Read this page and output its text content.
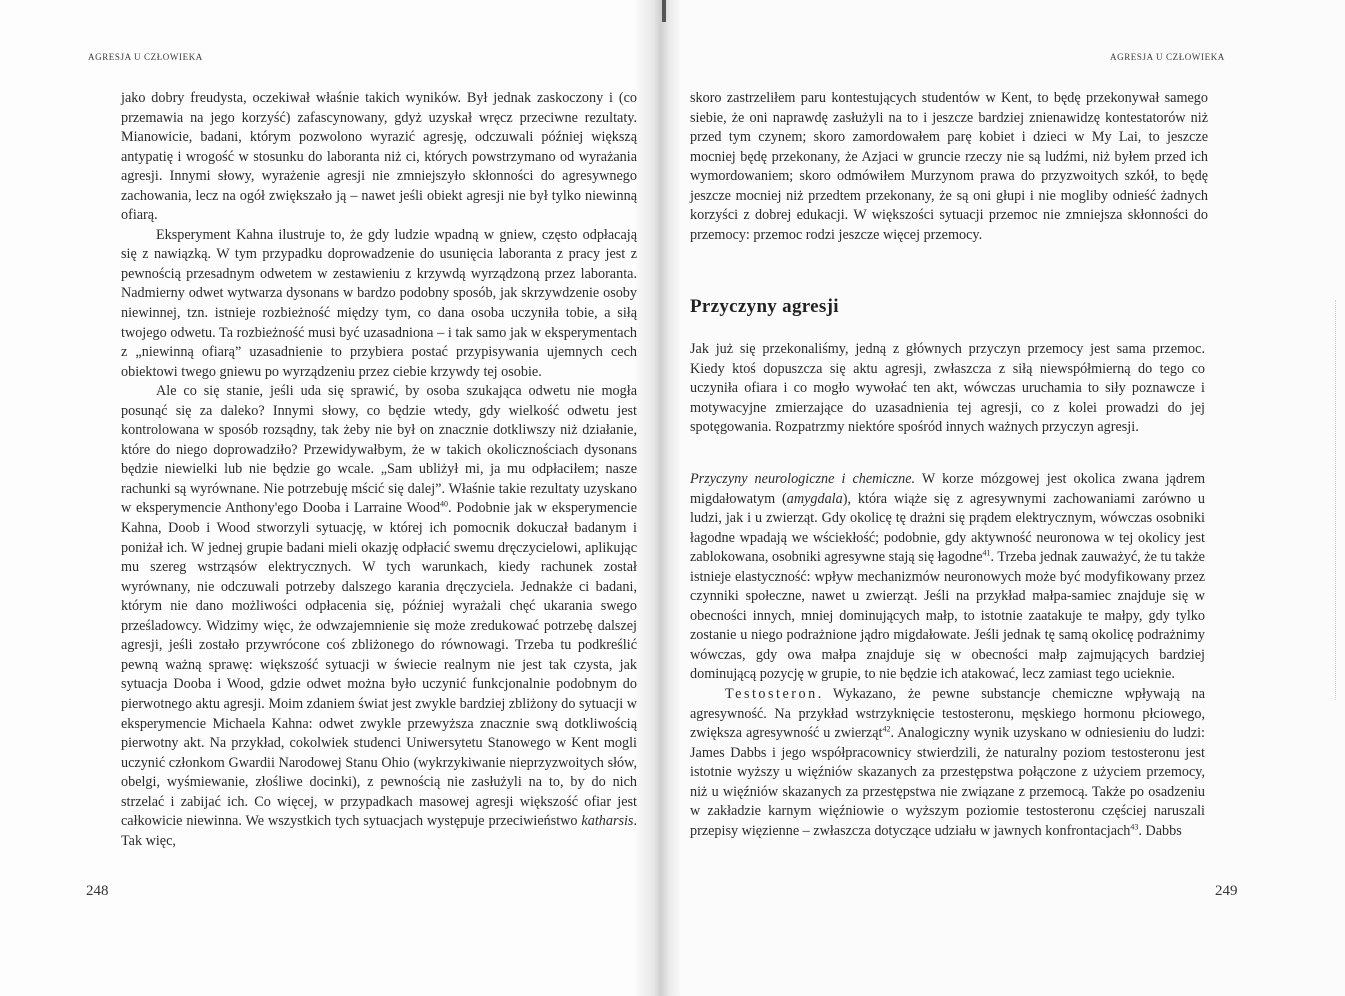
AGRESJA U CZŁOWIEKA	AGRESJA U CZŁOWIEKA

jako dobry freudysta, oczekiwał właśnie takich wyników. Był jednak zaskoczony i (co przemawia na jego korzyść) zafascynowany, gdyż uzyskał wręcz przeciwne rezultaty. Mianowicie, badani, którym pozwolono wyrazić agresję, odczuwali później większą antypatię i wrogość w stosunku do laboranta niż ci, których powstrzymano od wyrażania agresji. Innymi słowy, wyrażenie agresji nie zmniejszyło skłonności do agresywnego zachowania, lecz na ogół zwiększało ją – nawet jeśli obiekt agresji nie był tylko niewinną ofiarą.

Eksperyment Kahna ilustruje to, że gdy ludzie wpadną w gniew, często odpłacają się z nawiązką. W tym przypadku doprowadzenie do usunięcia laboranta z pracy jest z pewnością przesadnym odwetem w zestawieniu z krzywdą wyrządzoną przez laboranta. Nadmierny odwet wytwarza dysonans w bardzo podobny sposób, jak skrzywdzenie osoby niewinnej, tzn. istnieje rozbieżność między tym, co dana osoba uczyniła tobie, a siłą twojego odwetu. Ta rozbieżność musi być uzasadniona – i tak samo jak w eksperymentach z „niewinną ofiarą” uzasadnienie to przybiera postać przypisywania ujemnych cech obiektowi twego gniewu po wyrządzeniu przez ciebie krzywdy tej osobie.

Ale co się stanie, jeśli uda się sprawić, by osoba szukająca odwetu nie mogła posunąć się za daleko? Innymi słowy, co będzie wtedy, gdy wielkość odwetu jest kontrolowana w sposób rozsądny, tak żeby nie był on znacznie dotkliwszy niż działanie, które do niego doprowadziło? Przewidywałbym, że w takich okolicznościach dysonans będzie niewielki lub nie będzie go wcale. „Sam ubliżył mi, ja mu odpłaciłem; nasze rachunki są wyrównane. Nie potrzebuję mścić się dalej”. Właśnie takie rezultaty uzyskano w eksperymencie Anthony'ego Dooba i Larraine Wood$^{40}$. Podobnie jak w eksperymencie Kahna, Doob i Wood stworzyli sytuację, w której ich pomocnik dokuczał badanym i poniżał ich. W jednej grupie badani mieli okazję odpłacić swemu dręczycielowi, aplikując mu szereg wstrząsów elektrycznych. W tych warunkach, kiedy rachunek został wyrównany, nie odczuwali potrzeby dalszego karania dręczyciela. Jednakże ci badani, którym nie dano możliwości odpłacenia się, później wyrażali chęć ukarania swego prześladowcy. Widzimy więc, że odwzajemnienie się może zredukować potrzebę dalszej agresji, jeśli zostało przywrócone coś zbliżonego do równowagi. Trzeba tu podkreślić pewną ważną sprawę: większość sytuacji w świecie realnym nie jest tak czysta, jak sytuacja Dooba i Wood, gdzie odwet można było uczynić funkcjonalnie podobnym do pierwotnego aktu agresji. Moim zdaniem świat jest zwykle bardziej zbliżony do sytuacji w eksperymencie Michaela Kahna: odwet zwykle przewyższa znacznie swą dotkliwością pierwotny akt. Na przykład, cokolwiek studenci Uniwersytetu Stanowego w Kent mogli uczynić członkom Gwardii Narodowej Stanu Ohio (wykrzykiwanie nieprzyzwoitych słów, obelgi, wyśmiewanie, złośliwe docinki), z pewnością nie zasłużyli na to, by do nich strzelać i zabijać ich. Co więcej, w przypadkach masowej agresji większość ofiar jest całkowicie niewinna. We wszystkich tych sytuacjach występuje przeciwieństwo katharsis. Tak więc,

skoro zastrzeliłem paru kontestujących studentów w Kent, to będę przekonywał samego siebie, że oni naprawdę zasłużyli na to i jeszcze bardziej znienawidzę kontestatorów niż przed tym czynem; skoro zamordowałem parę kobiet i dzieci w My Lai, to jeszcze mocniej będę przekonany, że Azjaci w gruncie rzeczy nie są ludźmi, niż byłem przed ich wymordowaniem; skoro odmówiłem Murzynom prawa do przyzwoitych szkół, to będę jeszcze mocniej niż przedtem przekonany, że są oni głupi i nie mogliby odnieść żadnych korzyści z dobrej edukacji. W większości sytuacji przemoc nie zmniejsza skłonności do przemocy: przemoc rodzi jeszcze więcej przemocy.

Przyczyny agresji

Jak już się przekonaliśmy, jedną z głównych przyczyn przemocy jest sama przemoc. Kiedy ktoś dopuszcza się aktu agresji, zwłaszcza z siłą niewspółmierną do tego co uczyniła ofiara i co mogło wywołać ten akt, wówczas uruchamia to siły poznawcze i motywacyjne zmierzające do uzasadnienia tej agresji, co z kolei prowadzi do jej spotęgowania. Rozpatrzmy niektóre spośród innych ważnych przyczyn agresji.

Przyczyny neurologiczne i chemiczne. W korze mózgowej jest okolica zwana jądrem migdałowatym (amygdala), która wiąże się z agresywnymi zachowaniami zarówno u ludzi, jak i u zwierząt. Gdy okolicę tę drażni się prądem elektrycznym, wówczas osobniki łagodne wpadają we wściekłość; podobnie, gdy aktywność neuronowa w tej okolicy jest zablokowana, osobniki agresywne stają się łagodne$^{41}$. Trzeba jednak zauważyć, że tu także istnieje elastyczność: wpływ mechanizmów neuronowych może być modyfikowany przez czynniki społeczne, nawet u zwierząt. Jeśli na przykład małpa-samiec znajduje się w obecności innych, mniej dominujących małp, to istotnie zaatakuje te małpy, gdy tylko zostanie u niego podrażnione jądro migdałowate. Jeśli jednak tę samą okolicę podrażnimy wówczas, gdy owa małpa znajduje się w obecności małp zajmujących bardziej dominującą pozycję w grupie, to nie będzie ich atakować, lecz zamiast tego ucieknie.

Testosteron. Wykazano, że pewne substancje chemiczne wpływają na agresywność. Na przykład wstrzyknięcie testosteronu, męskiego hormonu płciowego, zwiększa agresywność u zwierząt$^{42}$. Analogiczny wynik uzyskano w odniesieniu do ludzi: James Dabbs i jego współpracownicy stwierdzili, że naturalny poziom testosteronu jest istotnie wyższy u więźniów skazanych za przestępstwa połączone z użyciem przemocy, niż u więźniów skazanych za przestępstwa nie związane z przemocą. Także po osadzeniu w zakładzie karnym więźniowie o wyższym poziomie testosteronu częściej naruszali przepisy więzienne – zwłaszcza dotyczące udziału w jawnych konfrontacjach$^{43}$. Dabbs

248	249
